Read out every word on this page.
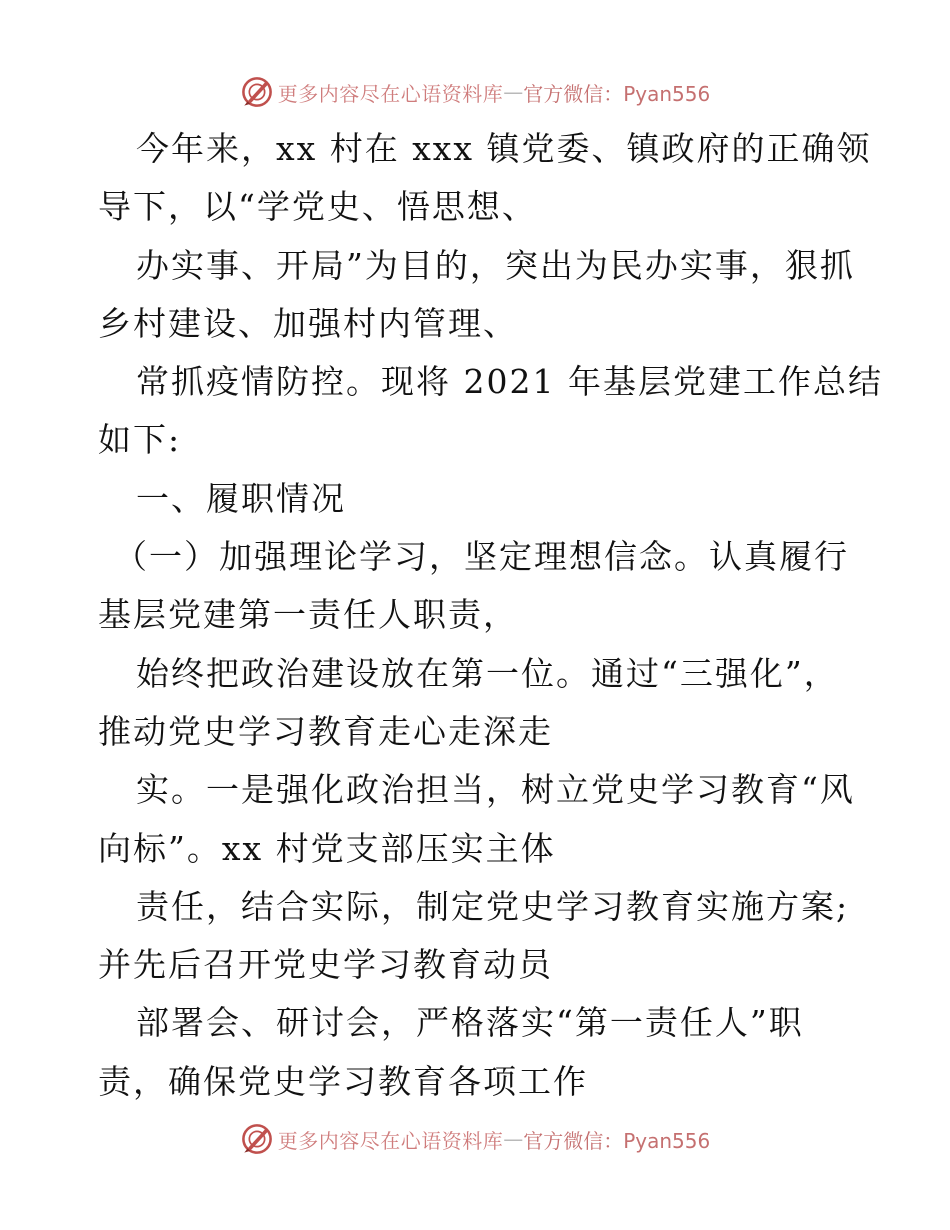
更多内容尽在心语资料库 — 官方微信：Pyan556
今年来，xx 村在 xxx 镇党委、镇政府的正确领
导下，以“学党史、悟思想、
办实事、开局”为目的，突出为民办实事，狠抓
乡村建设、加强村内管理、
常抓疫情防控。现将 2021 年基层党建工作总结
如下:
一、履职情况
（一）加强理论学习，坚定理想信念。认真履行
基层党建第一责任人职责，
始终把政治建设放在第一位。通过“三强化”，
推动党史学习教育走心走深走
实。一是强化政治担当，树立党史学习教育“风
向标”。xx 村党支部压实主体
责任，结合实际，制定党史学习教育实施方案;
并先后召开党史学习教育动员
部署会、研讨会，严格落实“第一责任人”职
责，确保党史学习教育各项工作
更多内容尽在心语资料库 — 官方微信：Pyan556
